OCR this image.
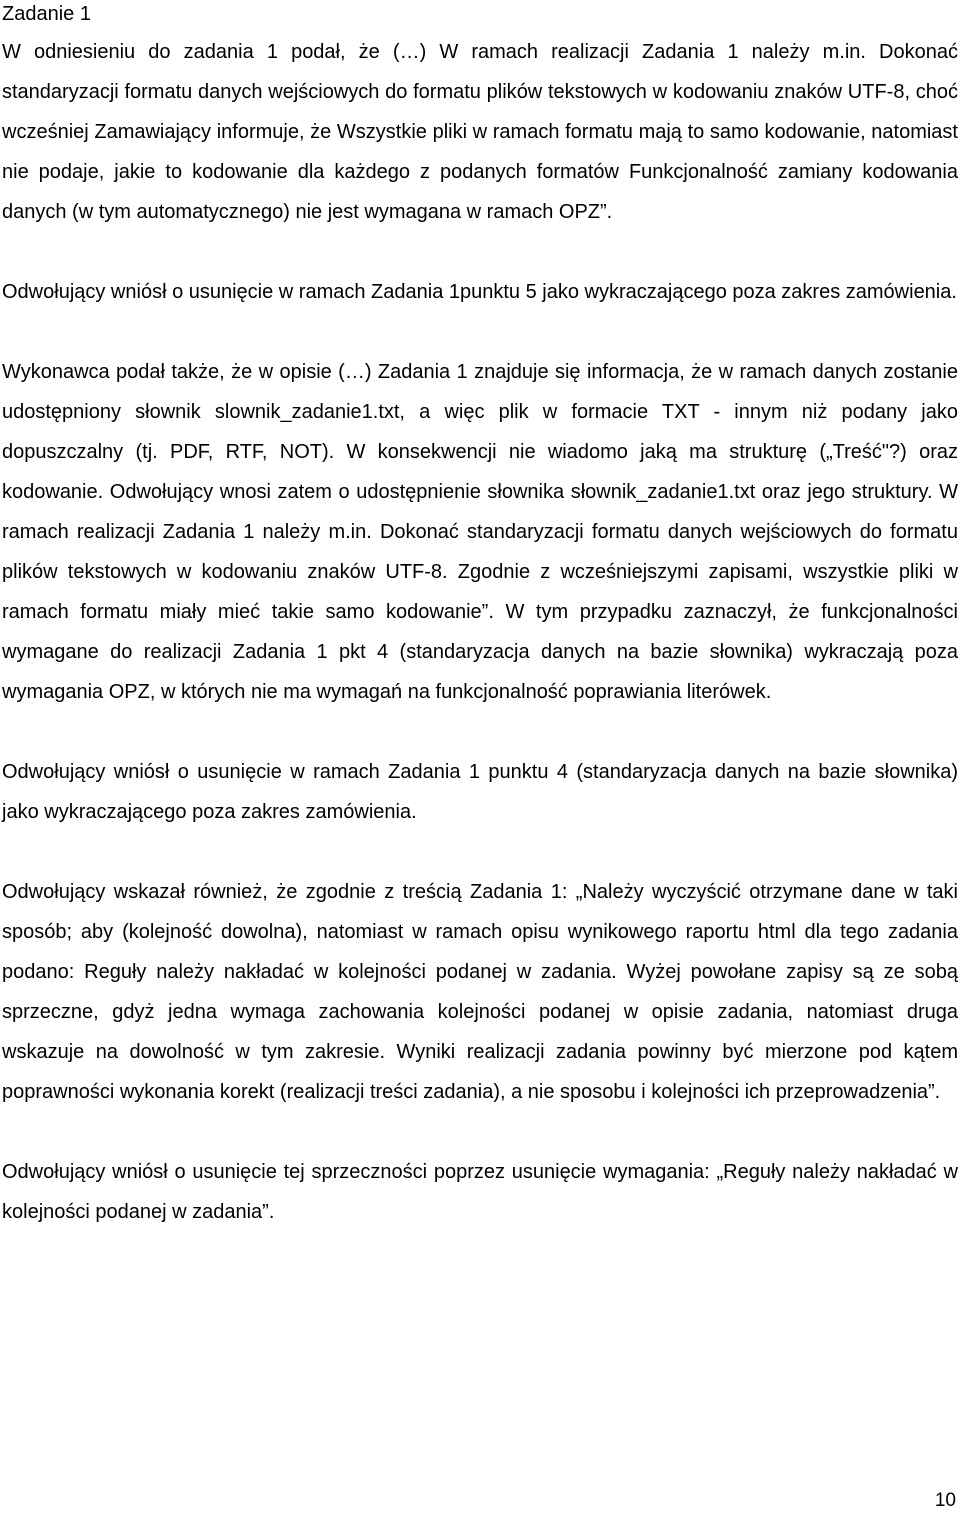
Zadanie 1

W odniesieniu do zadania 1 podał, że (…) W ramach realizacji Zadania 1 należy m.in. Dokonać standaryzacji formatu danych wejściowych do formatu plików tekstowych w kodowaniu znaków UTF-8, choć wcześniej Zamawiający informuje, że Wszystkie pliki w ramach formatu mają to samo kodowanie, natomiast nie podaje, jakie to kodowanie dla każdego z podanych formatów Funkcjonalność zamiany kodowania danych (w tym automatycznego) nie jest wymagana w ramach OPZ”.

Odwołujący wniósł o usunięcie w ramach Zadania 1punktu 5 jako wykraczającego poza zakres zamówienia.

Wykonawca podał także, że w opisie (…) Zadania 1 znajduje się informacja, że w ramach danych zostanie udostępniony słownik slownik_zadanie1.txt, a więc plik w formacie TXT - innym niż podany jako dopuszczalny (tj. PDF, RTF, NOT). W konsekwencji nie wiadomo jaką ma strukturę („Treść"?) oraz kodowanie. Odwołujący wnosi zatem o udostępnienie słownika słownik_zadanie1.txt oraz jego struktury. W ramach realizacji Zadania 1 należy m.in. Dokonać standaryzacji formatu danych wejściowych do formatu plików tekstowych w kodowaniu znaków UTF-8. Zgodnie z wcześniejszymi zapisami, wszystkie pliki w ramach formatu miały mieć takie samo kodowanie”. W tym przypadku zaznaczył, że funkcjonalności wymagane do realizacji Zadania 1 pkt 4 (standaryzacja danych na bazie słownika) wykraczają poza wymagania OPZ, w których nie ma wymagań na funkcjonalność poprawiania literówek.

Odwołujący wniósł o usunięcie w ramach Zadania 1 punktu 4 (standaryzacja danych na bazie słownika) jako wykraczającego poza zakres zamówienia.

Odwołujący wskazał również, że zgodnie z treścią Zadania 1: „Należy wyczyścić otrzymane dane w taki sposób; aby (kolejność dowolna), natomiast w ramach opisu wynikowego raportu html dla tego zadania podano: Reguły należy nakładać w kolejności podanej w zadania. Wyżej powołane zapisy są ze sobą sprzeczne, gdyż jedna wymaga zachowania kolejności podanej w opisie zadania, natomiast druga wskazuje na dowolność w tym zakresie. Wyniki realizacji zadania powinny być mierzone pod kątem poprawności wykonania korekt (realizacji treści zadania), a nie sposobu i kolejności ich przeprowadzenia”.

Odwołujący wniósł o usunięcie tej sprzeczności poprzez usunięcie wymagania: „Reguły należy nakładać w kolejności podanej w zadania”.

10
